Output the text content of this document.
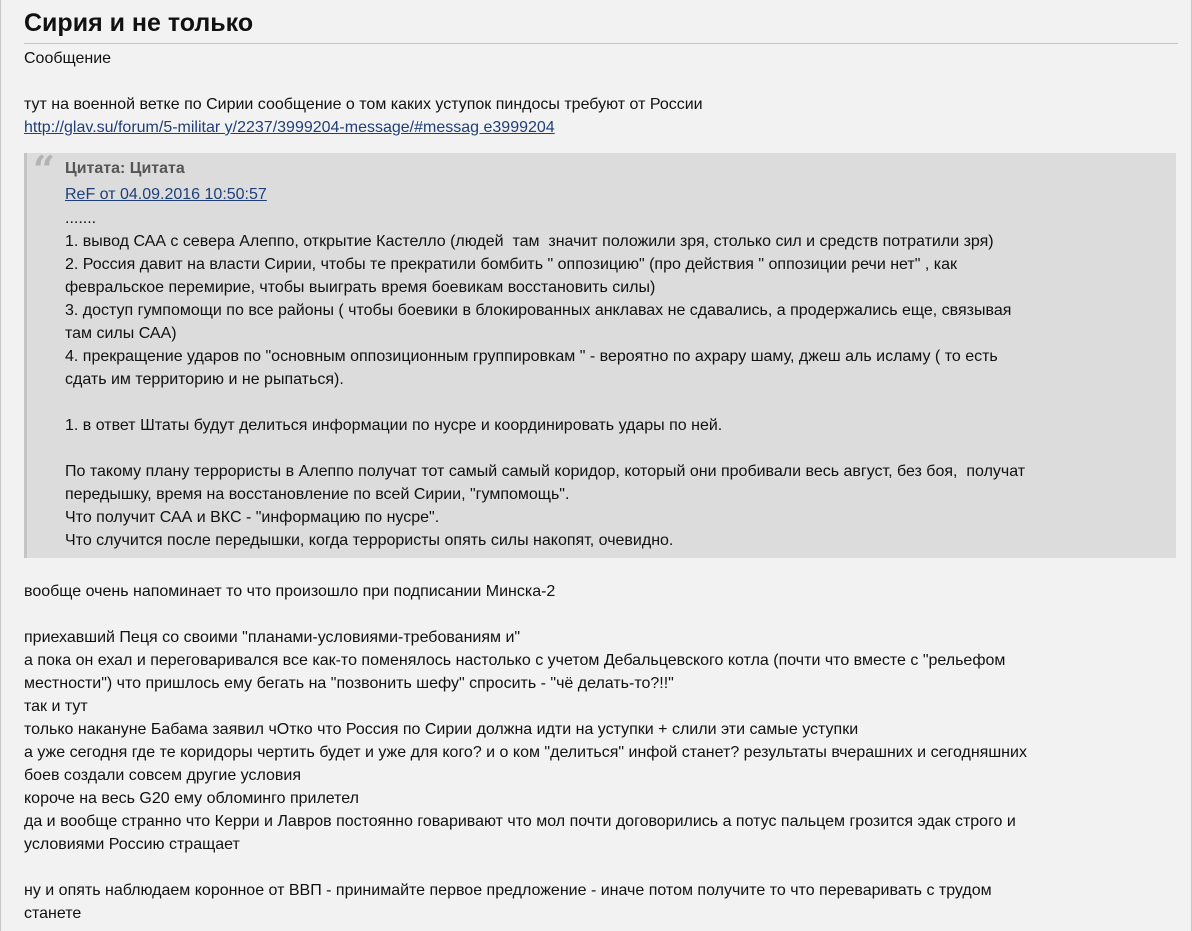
Сирия и не только
Сообщение
тут на военной ветке по Сирии сообщение о том каких уступок пиндосы требуют от России
http://glav.su/forum/5-militar y/2237/3999204-message/#messag e3999204
“ Цитата: Цитата
ReF от 04.09.2016 10:50:57
.......
1. вывод САА с севера Алеппо, открытие Кастелло (людей  там  значит положили зря, столько сил и средств потратили зря)
2. Россия давит на власти Сирии, чтобы те прекратили бомбить " оппозицию" (про действия " оппозиции речи нет" , как
февральское перемирие, чтобы выиграть время боевикам восстановить силы)
3. доступ гумпомощи по все районы ( чтобы боевики в блокированных анклавах не сдавались, а продержались еще, связывая
там силы САА)
4. прекращение ударов по "основным оппозиционным группировкам " - вероятно по ахрару шаму, джеш аль исламу ( то есть
сдать им территорию и не рыпаться).
1. в ответ Штаты будут делиться информации по нусре и координировать удары по ней.
По такому плану террористы в Алеппо получат тот самый самый коридор, который они пробивали весь август, без боя,  получат
передышку, время на восстановление по всей Сирии, "гумпомощь".
Что получит САА и ВКС - "информацию по нусре".
Что случится после передышки, когда террористы опять силы накопят, очевидно.
вообще очень напоминает то что произошло при подписании Минска-2
приехавший Пеця со своими "планами-условиями-требованиям и"
а пока он ехал и переговаривался все как-то поменялось настолько с учетом Дебальцевского котла (почти что вместе с "рельефом
местности") что пришлось ему бегать на "позвонить шефу" спросить - "чё делать-то?!!"
так и тут
только накануне Бабама заявил чОтко что Россия по Сирии должна идти на уступки + слили эти самые уступки
а уже сегодня где те коридоры чертить будет и уже для кого? и о ком "делиться" инфой станет? результаты вчерашних и сегодняшних
боев создали совсем другие условия
короче на весь G20 ему обломинго прилетел
да и вообще странно что Керри и Лавров постоянно говаривают что мол почти договорились а потус пальцем грозится эдак строго и
условиями Россию стращает
ну и опять наблюдаем коронное от ВВП - принимайте первое предложение - иначе потом получите то что переваривать с трудом
станете
